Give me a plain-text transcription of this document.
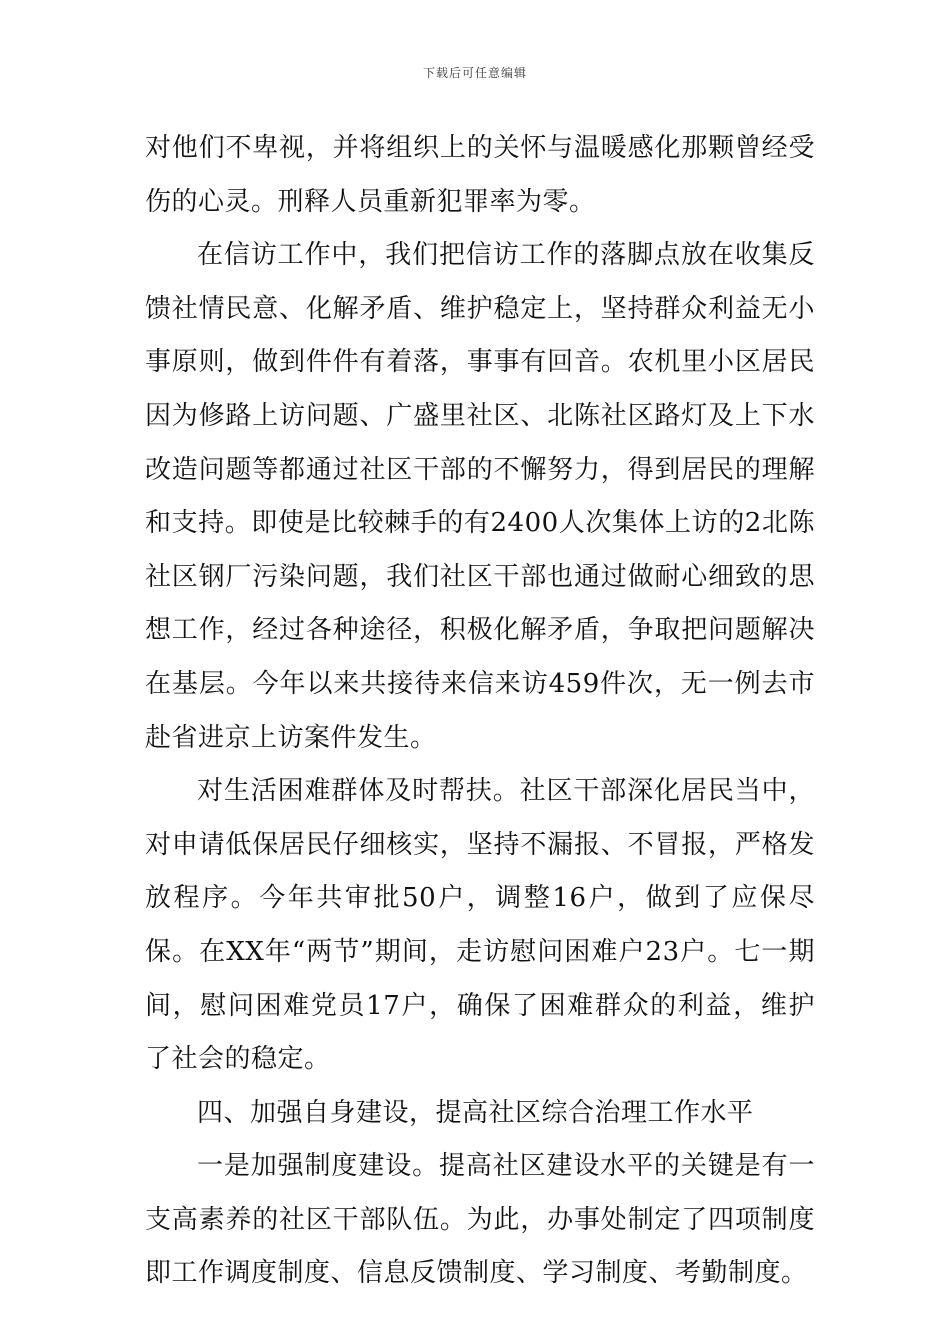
下载后可任意编辑

对他们不卑视，并将组织上的关怀与温暖感化那颗曾经受伤的心灵。刑释人员重新犯罪率为零。

在信访工作中，我们把信访工作的落脚点放在收集反馈社情民意、化解矛盾、维护稳定上，坚持群众利益无小事原则，做到件件有着落，事事有回音。农机里小区居民因为修路上访问题、广盛里社区、北陈社区路灯及上下水改造问题等都通过社区干部的不懈努力，得到居民的理解和支持。即使是比较棘手的有2400人次集体上访的2北陈社区钢厂污染问题，我们社区干部也通过做耐心细致的思想工作，经过各种途径，积极化解矛盾，争取把问题解决在基层。今年以来共接待来信来访459件次，无一例去市赴省进京上访案件发生。

对生活困难群体及时帮扶。社区干部深化居民当中，对申请低保居民仔细核实，坚持不漏报、不冒报，严格发放程序。今年共审批50户，调整16户，做到了应保尽保。在XX年“两节”期间，走访慰问困难户23户。七一期间，慰问困难党员17户，确保了困难群众的利益，维护了社会的稳定。

四、加强自身建设，提高社区综合治理工作水平

一是加强制度建设。提高社区建设水平的关键是有一支高素养的社区干部队伍。为此，办事处制定了四项制度即工作调度制度、信息反馈制度、学习制度、考勤制度。
